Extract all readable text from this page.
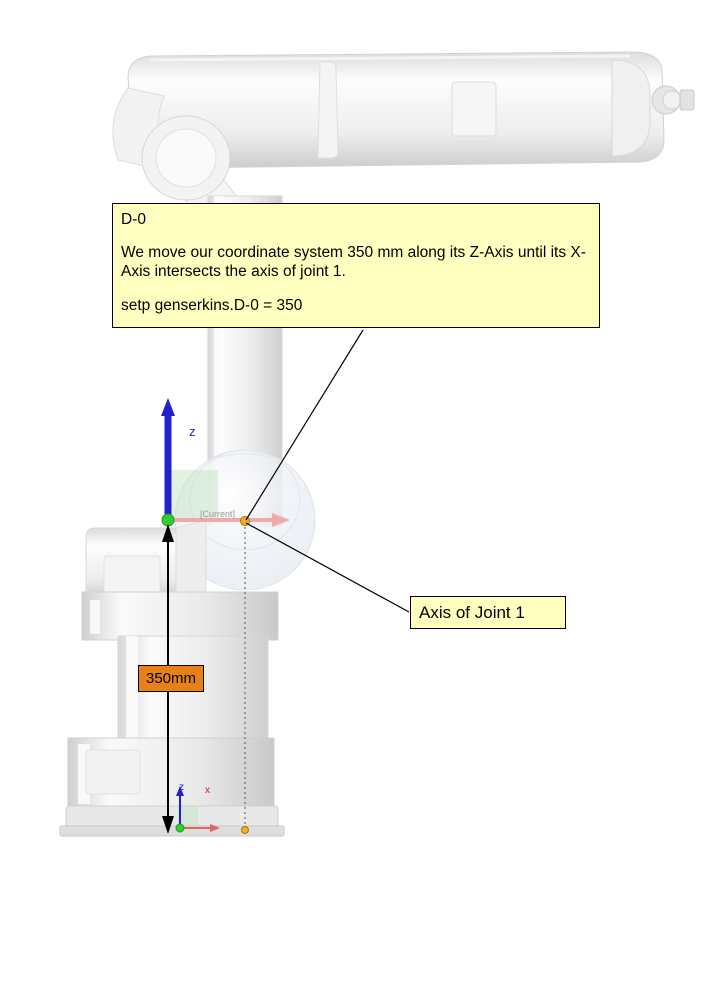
D-0
We move our coordinate system 350 mm along its Z-Axis until its X-Axis intersects the axis of joint 1.
setp genserkins.D-0 = 350
Axis of Joint 1
350mm
z
z x
[Current]
